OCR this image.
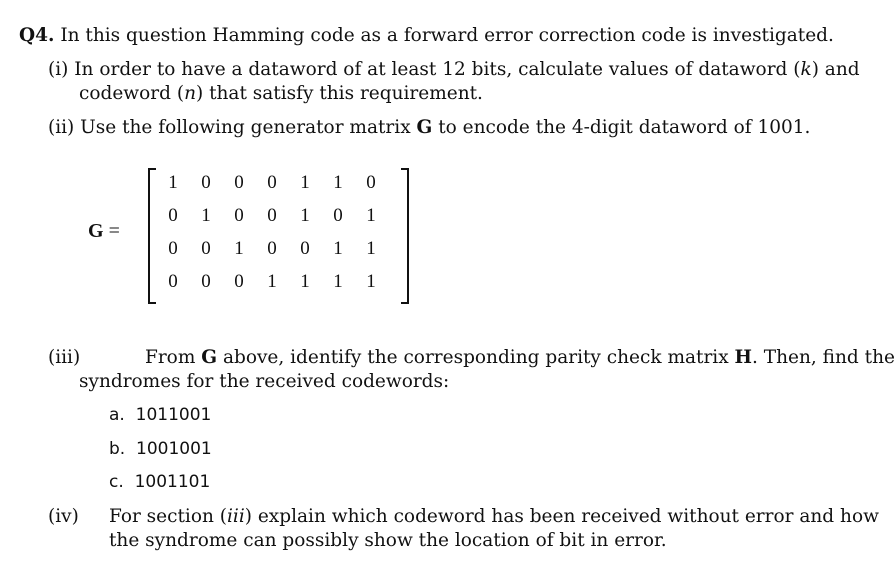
Q4. In this question Hamming code as a forward error correction code is investigated.
(i) In order to have a dataword of at least 12 bits, calculate values of dataword (k) and
codeword (n) that satisfy this requirement.
(ii) Use the following generator matrix G to encode the 4-digit dataword of 1001.
G =
1	0	0	0	1	1	0
0	1	0	0	1	0	1
0	0	1	0	0	1	1
0	0	0	1	1	1	1
(iii)	From G above, identify the corresponding parity check matrix H. Then, find the
syndromes for the received codewords:
a. 1011001
b. 1001001
c. 1001101
(iv) For section (iii) explain which codeword has been received without error and how
the syndrome can possibly show the location of bit in error.
